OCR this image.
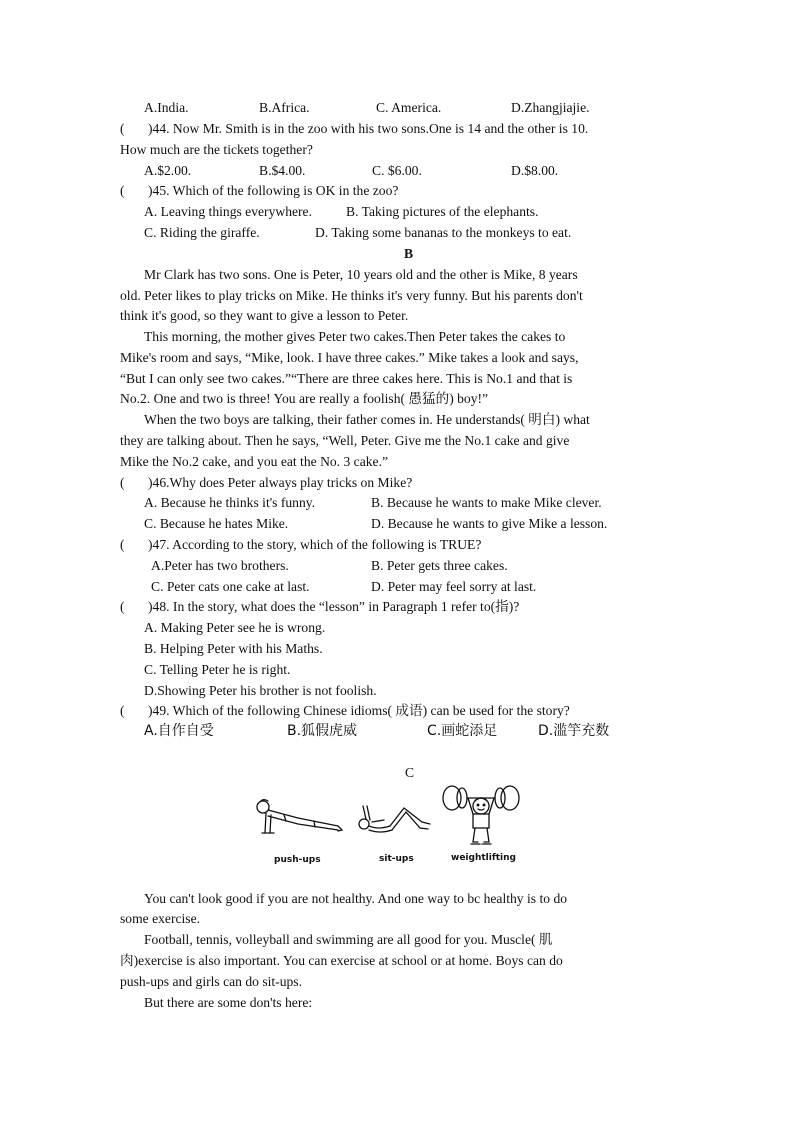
A.India.	B.Africa.	C. America.	D.Zhangjiajie.
( )44. Now Mr. Smith is in the zoo with his two sons.One is 14 and the other is 10.
How much are the tickets together?
A.$2.00.	B.$4.00.	C. $6.00.	D.$8.00.
( )45. Which of the following is OK in the zoo?
A. Leaving things everywhere.	B. Taking pictures of the elephants.
C. Riding the giraffe.	D. Taking some bananas to the monkeys to eat.
B
Mr Clark has two sons. One is Peter, 10 years old and the other is Mike, 8 years
old. Peter likes to play tricks on Mike. He thinks it's very funny. But his parents don't
think it's good, so they want to give a lesson to Peter.
This morning, the mother gives Peter two cakes.Then Peter takes the cakes to
Mike's room and says, “Mike, look. I have three cakes.” Mike takes a look and says,
“But I can only see two cakes.”“There are three cakes here. This is No.1 and that is
No.2. One and two is three! You are really a foolish( 愚猛的) boy!”
When the two boys are talking, their father comes in. He understands( 明白) what
they are talking about. Then he says, “Well, Peter. Give me the No.1 cake and give
Mike the No.2 cake, and you eat the No. 3 cake.”
( )46.Why does Peter always play tricks on Mike?
A. Because he thinks it's funny.	B. Because he wants to make Mike clever.
C. Because he hates Mike.	D. Because he wants to give Mike a lesson.
( )47. According to the story, which of the following is TRUE?
A.Peter has two brothers.	B. Peter gets three cakes.
C. Peter cats one cake at last.	D. Peter may feel sorry at last.
( )48. In the story, what does the “lesson” in Paragraph 1 refer to(指)?
A. Making Peter see he is wrong.
B. Helping Peter with his Maths.
C. Telling Peter he is right.
D.Showing Peter his brother is not foolish.
( )49. Which of the following Chinese idioms( 成语) can be used for the story?
A.自作自受	B.狐假虎威	C.画蛇添足	D.滥竽充数
C
push-ups	sit-ups	weightlifting
You can't look good if you are not healthy. And one way to bc healthy is to do
some exercise.
Football, tennis, volleyball and swimming are all good for you. Muscle( 肌
肉)exercise is also important. You can exercise at school or at home. Boys can do
push-ups and girls can do sit-ups.
But there are some don'ts here:
